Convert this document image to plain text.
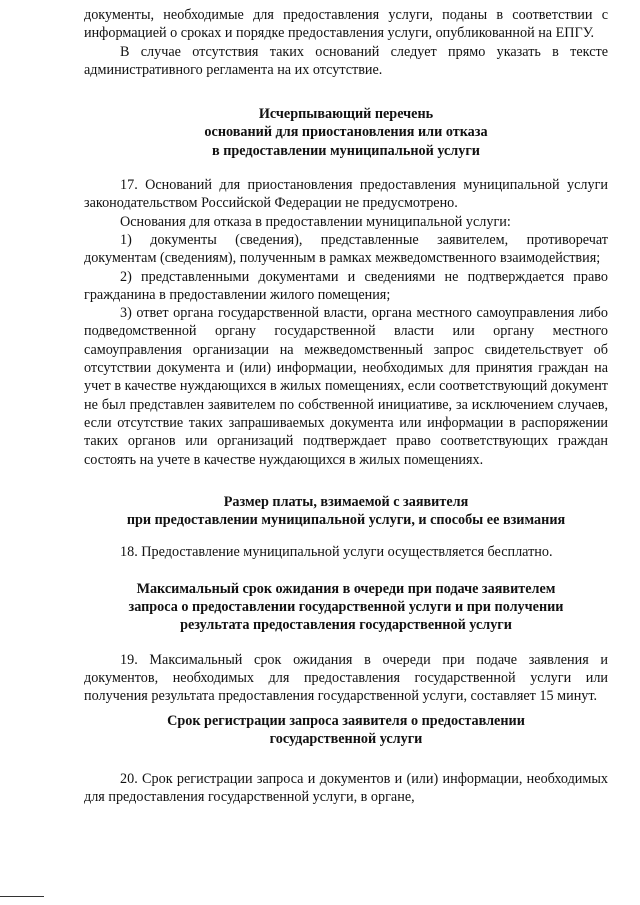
документы, необходимые для предоставления услуги, поданы в соответствии с информацией о сроках и порядке предоставления услуги, опубликованной на ЕПГУ.

В случае отсутствия таких оснований следует прямо указать в тексте административного регламента на их отсутствие.

Исчерпывающий перечень
оснований для приостановления или отказа
в предоставлении муниципальной услуги

17. Оснований для приостановления предоставления муниципальной услуги законодательством Российской Федерации не предусмотрено.

Основания для отказа в предоставлении муниципальной услуги:

1) документы (сведения), представленные заявителем, противоречат документам (сведениям), полученным в рамках межведомственного взаимодействия;

2) представленными документами и сведениями не подтверждается право гражданина в предоставлении жилого помещения;

3) ответ органа государственной власти, органа местного самоуправления либо подведомственной органу государственной власти или органу местного самоуправления организации на межведомственный запрос свидетельствует об отсутствии документа и (или) информации, необходимых для принятия граждан на учет в качестве нуждающихся в жилых помещениях, если соответствующий документ не был представлен заявителем по собственной инициативе, за исключением случаев, если отсутствие таких запрашиваемых документа или информации в распоряжении таких органов или организаций подтверждает право соответствующих граждан состоять на учете в качестве нуждающихся в жилых помещениях.

Размер платы, взимаемой с заявителя
при предоставлении муниципальной услуги, и способы ее взимания

18. Предоставление муниципальной услуги осуществляется бесплатно.

Максимальный срок ожидания в очереди при подаче заявителем
запроса о предоставлении государственной услуги и при получении
результата предоставления государственной услуги

19. Максимальный срок ожидания в очереди при подаче заявления и документов, необходимых для предоставления государственной услуги или получения результата предоставления государственной услуги, составляет 15 минут.

Срок регистрации запроса заявителя о предоставлении
государственной услуги

20. Срок регистрации запроса и документов и (или) информации, необходимых для предоставления государственной услуги, в органе,
